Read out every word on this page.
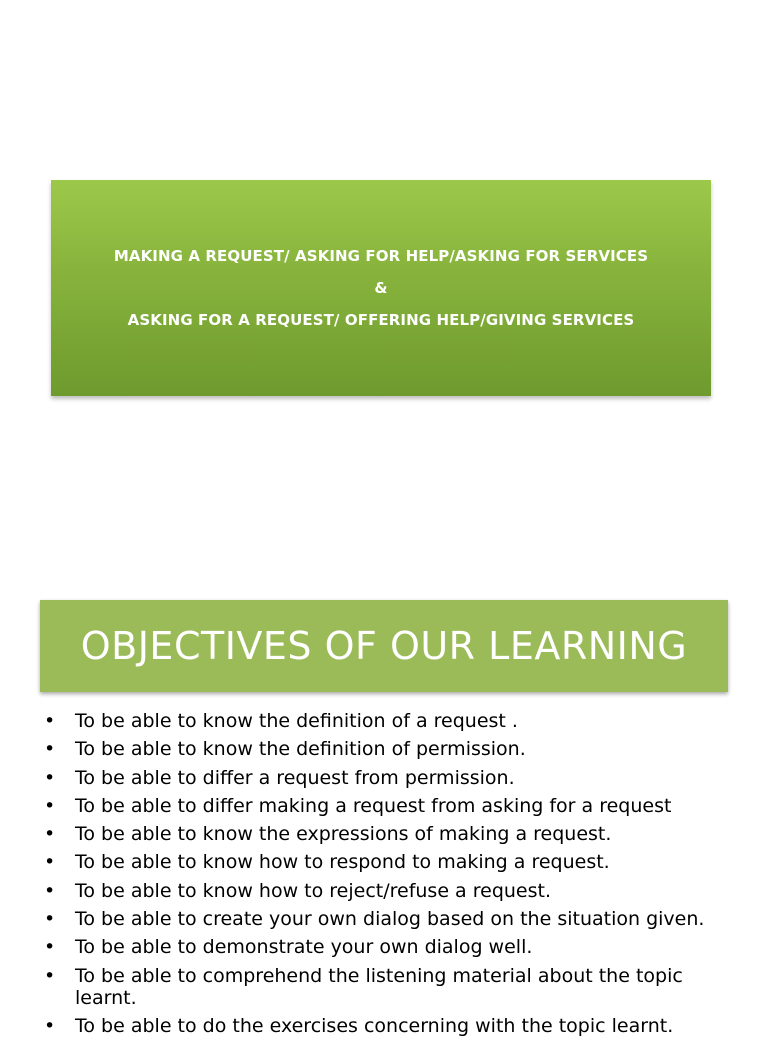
MAKING A REQUEST/ ASKING FOR HELP/ASKING FOR SERVICES
&
ASKING FOR A REQUEST/ OFFERING HELP/GIVING SERVICES
OBJECTIVES OF OUR LEARNING
•	To be able to know the definition of a request .
•	To be able to know the definition of permission.
•	To be able to differ a request from permission.
•	To be able to differ making a request from asking for a request
•	To be able to know the expressions of making a request.
•	To be able to know how to respond to making a request.
•	To be able to know how to reject/refuse a request.
•	To be able to create your own dialog based on the situation given.
•	To be able to demonstrate your own dialog well.
•	To be able to comprehend the listening material about the topic learnt.
•	To be able to do the exercises concerning with the topic learnt.
